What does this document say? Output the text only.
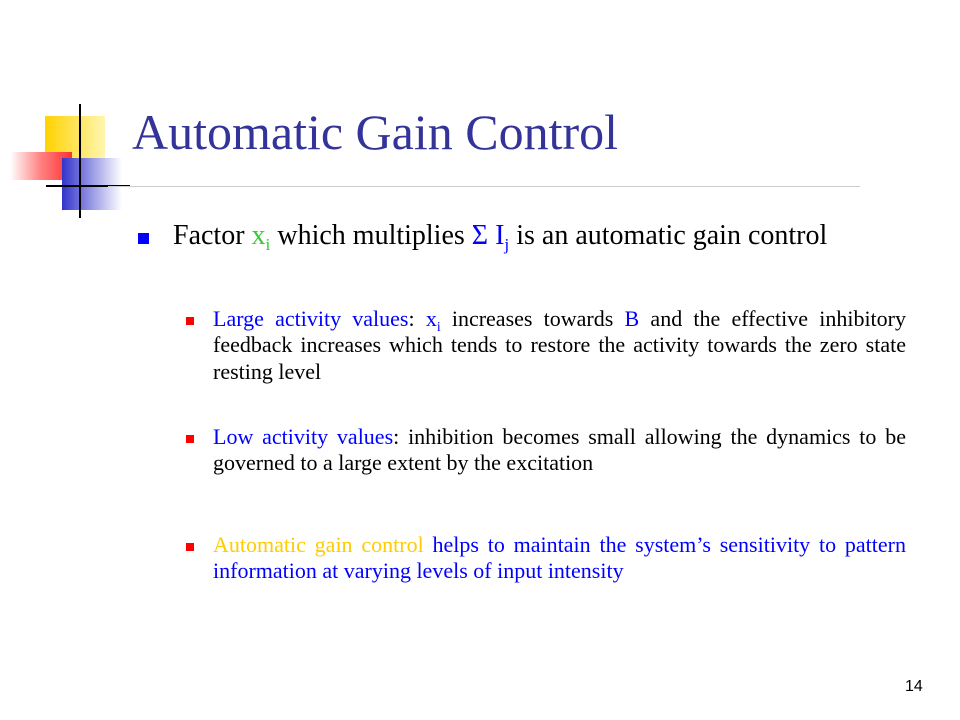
Automatic Gain Control
Factor $x_i$ which multiplies Σ $I_j$ is an automatic gain control
Large activity values: $x_i$ increases towards B and the effective inhibitory feedback increases which tends to restore the activity towards the zero state resting level
Low activity values: inhibition becomes small allowing the dynamics to be governed to a large extent by the excitation
Automatic gain control helps to maintain the system’s sensitivity to pattern information at varying levels of input intensity
14
